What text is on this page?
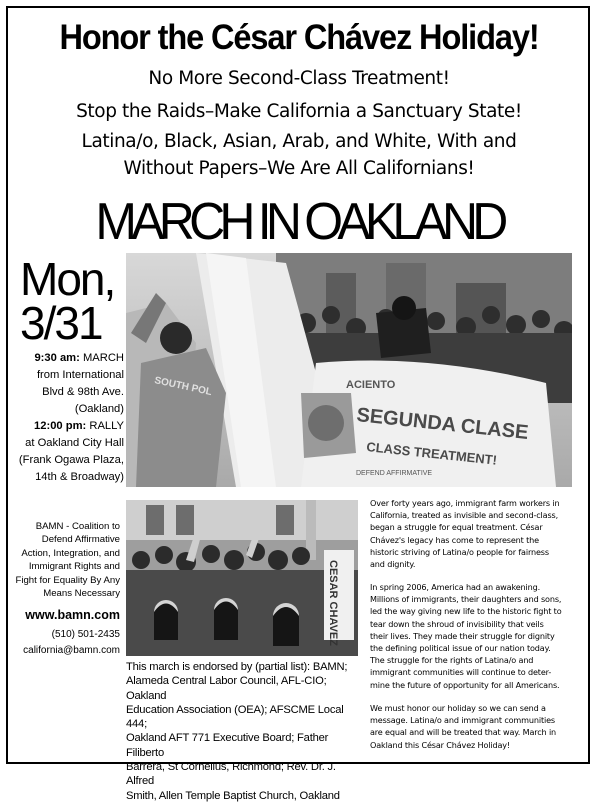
Honor the César Chávez Holiday!
No More Second-Class Treatment!
Stop the Raids–Make California a Sanctuary State!
Latina/o, Black, Asian, Arab, and White, With and
Without Papers–We Are All Californians!
MARCH IN OAKLAND
Mon,
3/31
9:30 am: MARCH
from International
Blvd & 98th Ave.
(Oakland)
12:00 pm: RALLY
at Oakland City Hall
(Frank Ogawa Plaza,
14th & Broadway)
SEGUNDA CLASE
CLASS TREATMENT!
ACIENTO
DEFEND AFFIRMATIVE
SOUTH POL
CESAR CHAVEZ
BAMN - Coalition to
Defend Affirmative
Action, Integration, and
Immigrant Rights and
Fight for Equality By Any
Means Necessary
www.bamn.com
(510) 501-2435
california@bamn.com
This march is endorsed by (partial list): BAMN;
Alameda Central Labor Council, AFL-CIO; Oakland
Education Association (OEA); AFSCME Local 444;
Oakland AFT 771 Executive Board; Father Filiberto
Barrera, St Cornelius, Richmond; Rev. Dr. J. Alfred
Smith, Allen Temple Baptist Church, Oakland
Over forty years ago, immigrant farm workers in
California, treated as invisible and second-class,
began a struggle for equal treatment. César
Chávez's legacy has come to represent the
historic striving of Latina/o people for fairness
and dignity.
In spring 2006, America had an awakening.
Millions of immigrants, their daughters and sons,
led the way giving new life to the historic fight to
tear down the shroud of invisibility that veils
their lives. They made their struggle for dignity
the defining political issue of our nation today.
The struggle for the rights of Latina/o and
immigrant communities will continue to deter-
mine the future of opportunity for all Americans.
We must honor our holiday so we can send a
message. Latina/o and immigrant communities
are equal and will be treated that way. March in
Oakland this César Chávez Holiday!
